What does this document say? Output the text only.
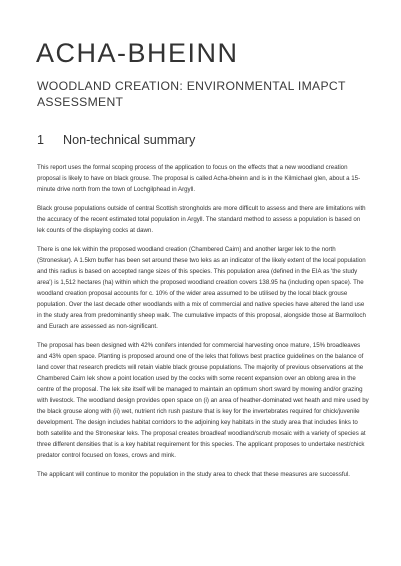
ACHA-BHEINN
WOODLAND CREATION: ENVIRONMENTAL IMAPCT ASSESSMENT
1 Non-technical summary

This report uses the formal scoping process of the application to focus on the effects that a new woodland creation proposal is likely to have on black grouse. The proposal is called Acha-bheinn and is in the Kilmichael glen, about a 15-minute drive north from the town of Lochgilphead in Argyll.

Black grouse populations outside of central Scottish strongholds are more difficult to assess and there are limitations with the accuracy of the recent estimated total population in Argyll. The standard method to assess a population is based on lek counts of the displaying cocks at dawn.

There is one lek within the proposed woodland creation (Chambered Cairn) and another larger lek to the north (Stroneskar). A 1.5km buffer has been set around these two leks as an indicator of the likely extent of the local population and this radius is based on accepted range sizes of this species. This population area (defined in the EIA as 'the study area') is 1,512 hectares (ha) within which the proposed woodland creation covers 138.95 ha (including open space). The woodland creation proposal accounts for c. 10% of the wider area assumed to be utilised by the local black grouse population. Over the last decade other woodlands with a mix of commercial and native species have altered the land use in the study area from predominantly sheep walk. The cumulative impacts of this proposal, alongside those at Barmolloch and Eurach are assessed as non-significant.

The proposal has been designed with 42% conifers intended for commercial harvesting once mature, 15% broadleaves and 43% open space. Planting is proposed around one of the leks that follows best practice guidelines on the balance of land cover that research predicts will retain viable black grouse populations. The majority of previous observations at the Chambered Cairn lek show a point location used by the cocks with some recent expansion over an oblong area in the centre of the proposal. The lek site itself will be managed to maintain an optimum short sward by mowing and/or grazing with livestock. The woodland design provides open space on (i) an area of heather-dominated wet heath and mire used by the black grouse along with (ii) wet, nutrient rich rush pasture that is key for the invertebrates required for chick/juvenile development. The design includes habitat corridors to the adjoining key habitats in the study area that includes links to both satellite and the Stroneskar leks. The proposal creates broadleaf woodland/scrub mosaic with a variety of species at three different densities that is a key habitat requirement for this species. The applicant proposes to undertake nest/chick predator control focused on foxes, crows and mink.

The applicant will continue to monitor the population in the study area to check that these measures are successful.
